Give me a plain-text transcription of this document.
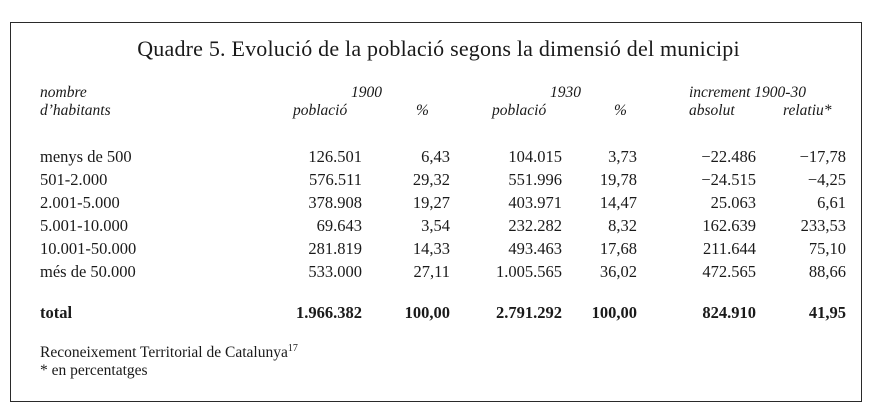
Quadre 5. Evolució de la població segons la dimensió del municipi
nombre	1900	1930	increment 1900-30
d’habitants	població	%	població	%	absolut	relatiu*
menys de 500	126.501	6,43	104.015	3,73	−22.486	−17,78
501-2.000	576.511	29,32	551.996 19,78	−24.515	−4,25
2.001-5.000	378.908	19,27	403.971 14,47	25.063	6,61
5.001-10.000	69.643	3,54	232.282	8,32	162.639	233,53
10.001-50.000	281.819	14,33	493.463 17,68	211.644	75,10
més de 50.000	533.000	27,11	1.005.565 36,02	472.565	88,66
total	1.966.382	100,00	2.791.292 100,00	824.910	41,95
Reconeixement Territorial de Catalunya$^{17}$
* en percentatges
